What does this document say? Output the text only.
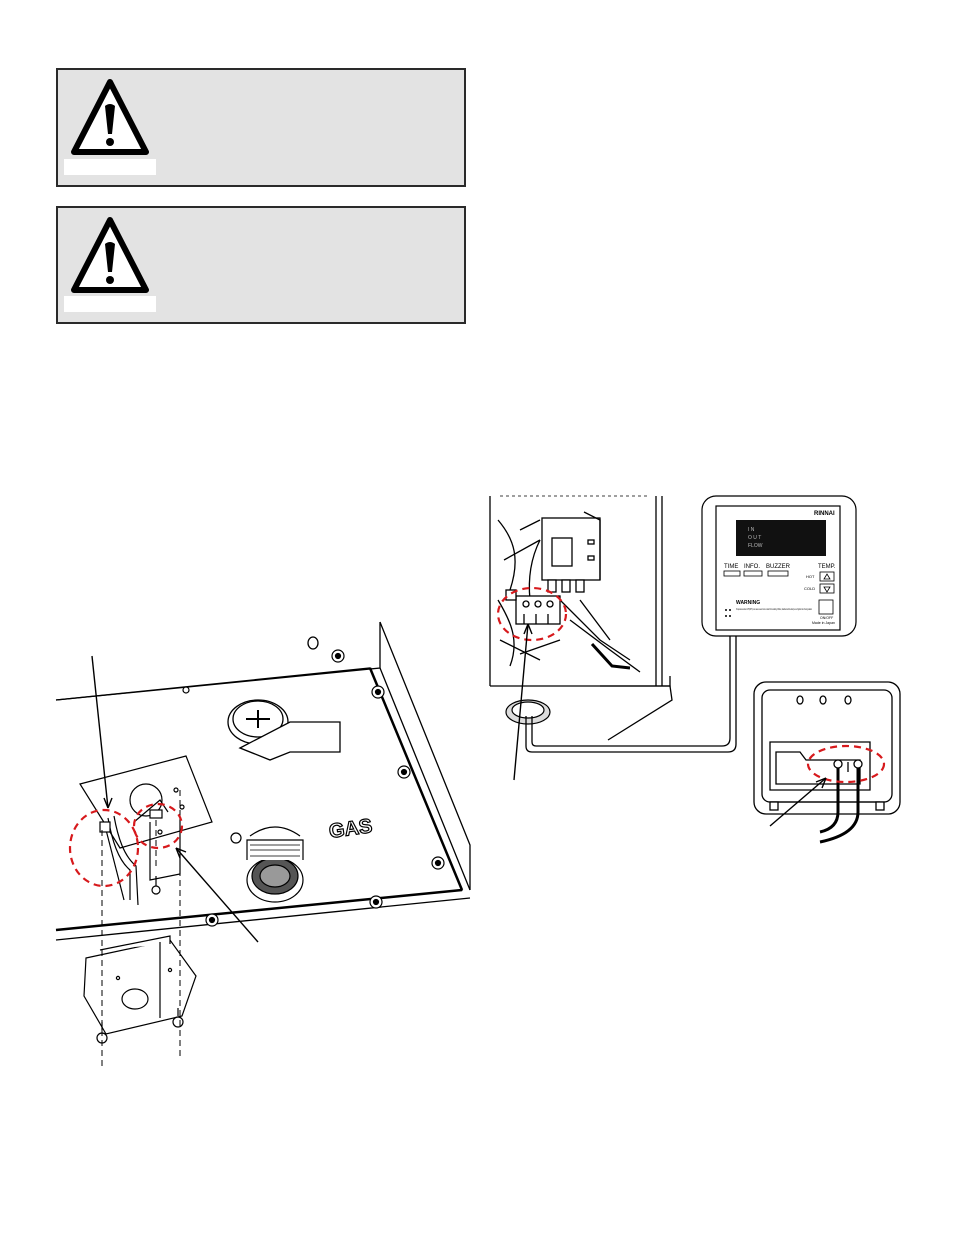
GAS
RINNAI
I N
O U T
FLOW
TIME INFO. BUZZER	TEMP.
HOT
COLD
ON/OFF
WARNING
Temperatures above 125°F(52°C) can cause severe burns or death from scalding. Children, disabled and the elderly are at highest risk of being scalded.
Made in Japan
